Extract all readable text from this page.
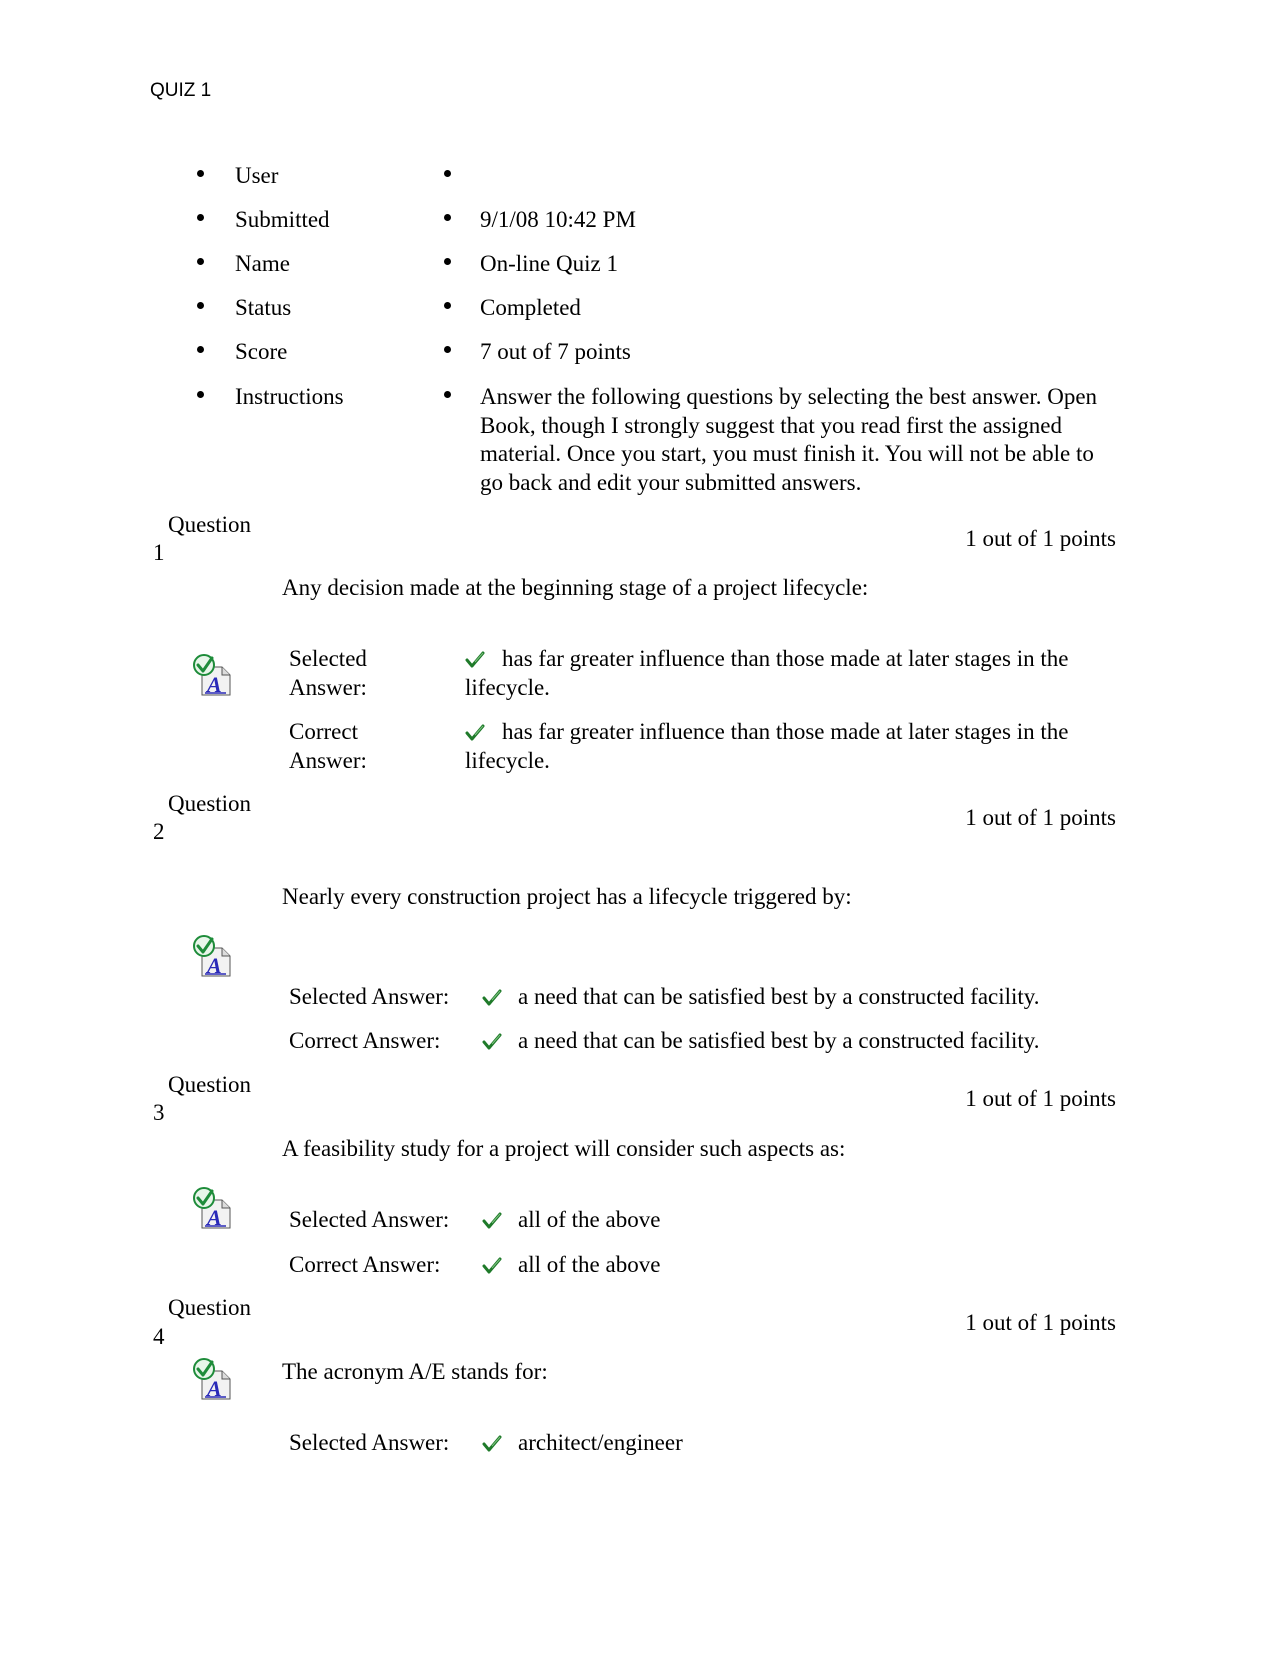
QUIZ 1
User
Submitted	9/1/08 10:42 PM
Name	On-line Quiz 1
Status	Completed
Score	7 out of 7 points
Instructions	Answer the following questions by selecting the best answer. Open Book, though I strongly suggest that you read first the assigned material. Once you start, you must finish it. You will not be able to go back and edit your submitted answers.
Question
1
1 out of 1 points
Any decision made at the beginning stage of a project lifecycle:
Selected Answer:
has far greater influence than those made at later stages in the lifecycle.
Correct Answer:
has far greater influence than those made at later stages in the lifecycle.
Question
2
1 out of 1 points
Nearly every construction project has a lifecycle triggered by:
Selected Answer:	a need that can be satisfied best by a constructed facility.
Correct Answer:	a need that can be satisfied best by a constructed facility.
Question
3
1 out of 1 points
A feasibility study for a project will consider such aspects as:
Selected Answer:	all of the above
Correct Answer:	all of the above
Question
4
1 out of 1 points
The acronym A/E stands for:
Selected Answer:	architect/engineer
